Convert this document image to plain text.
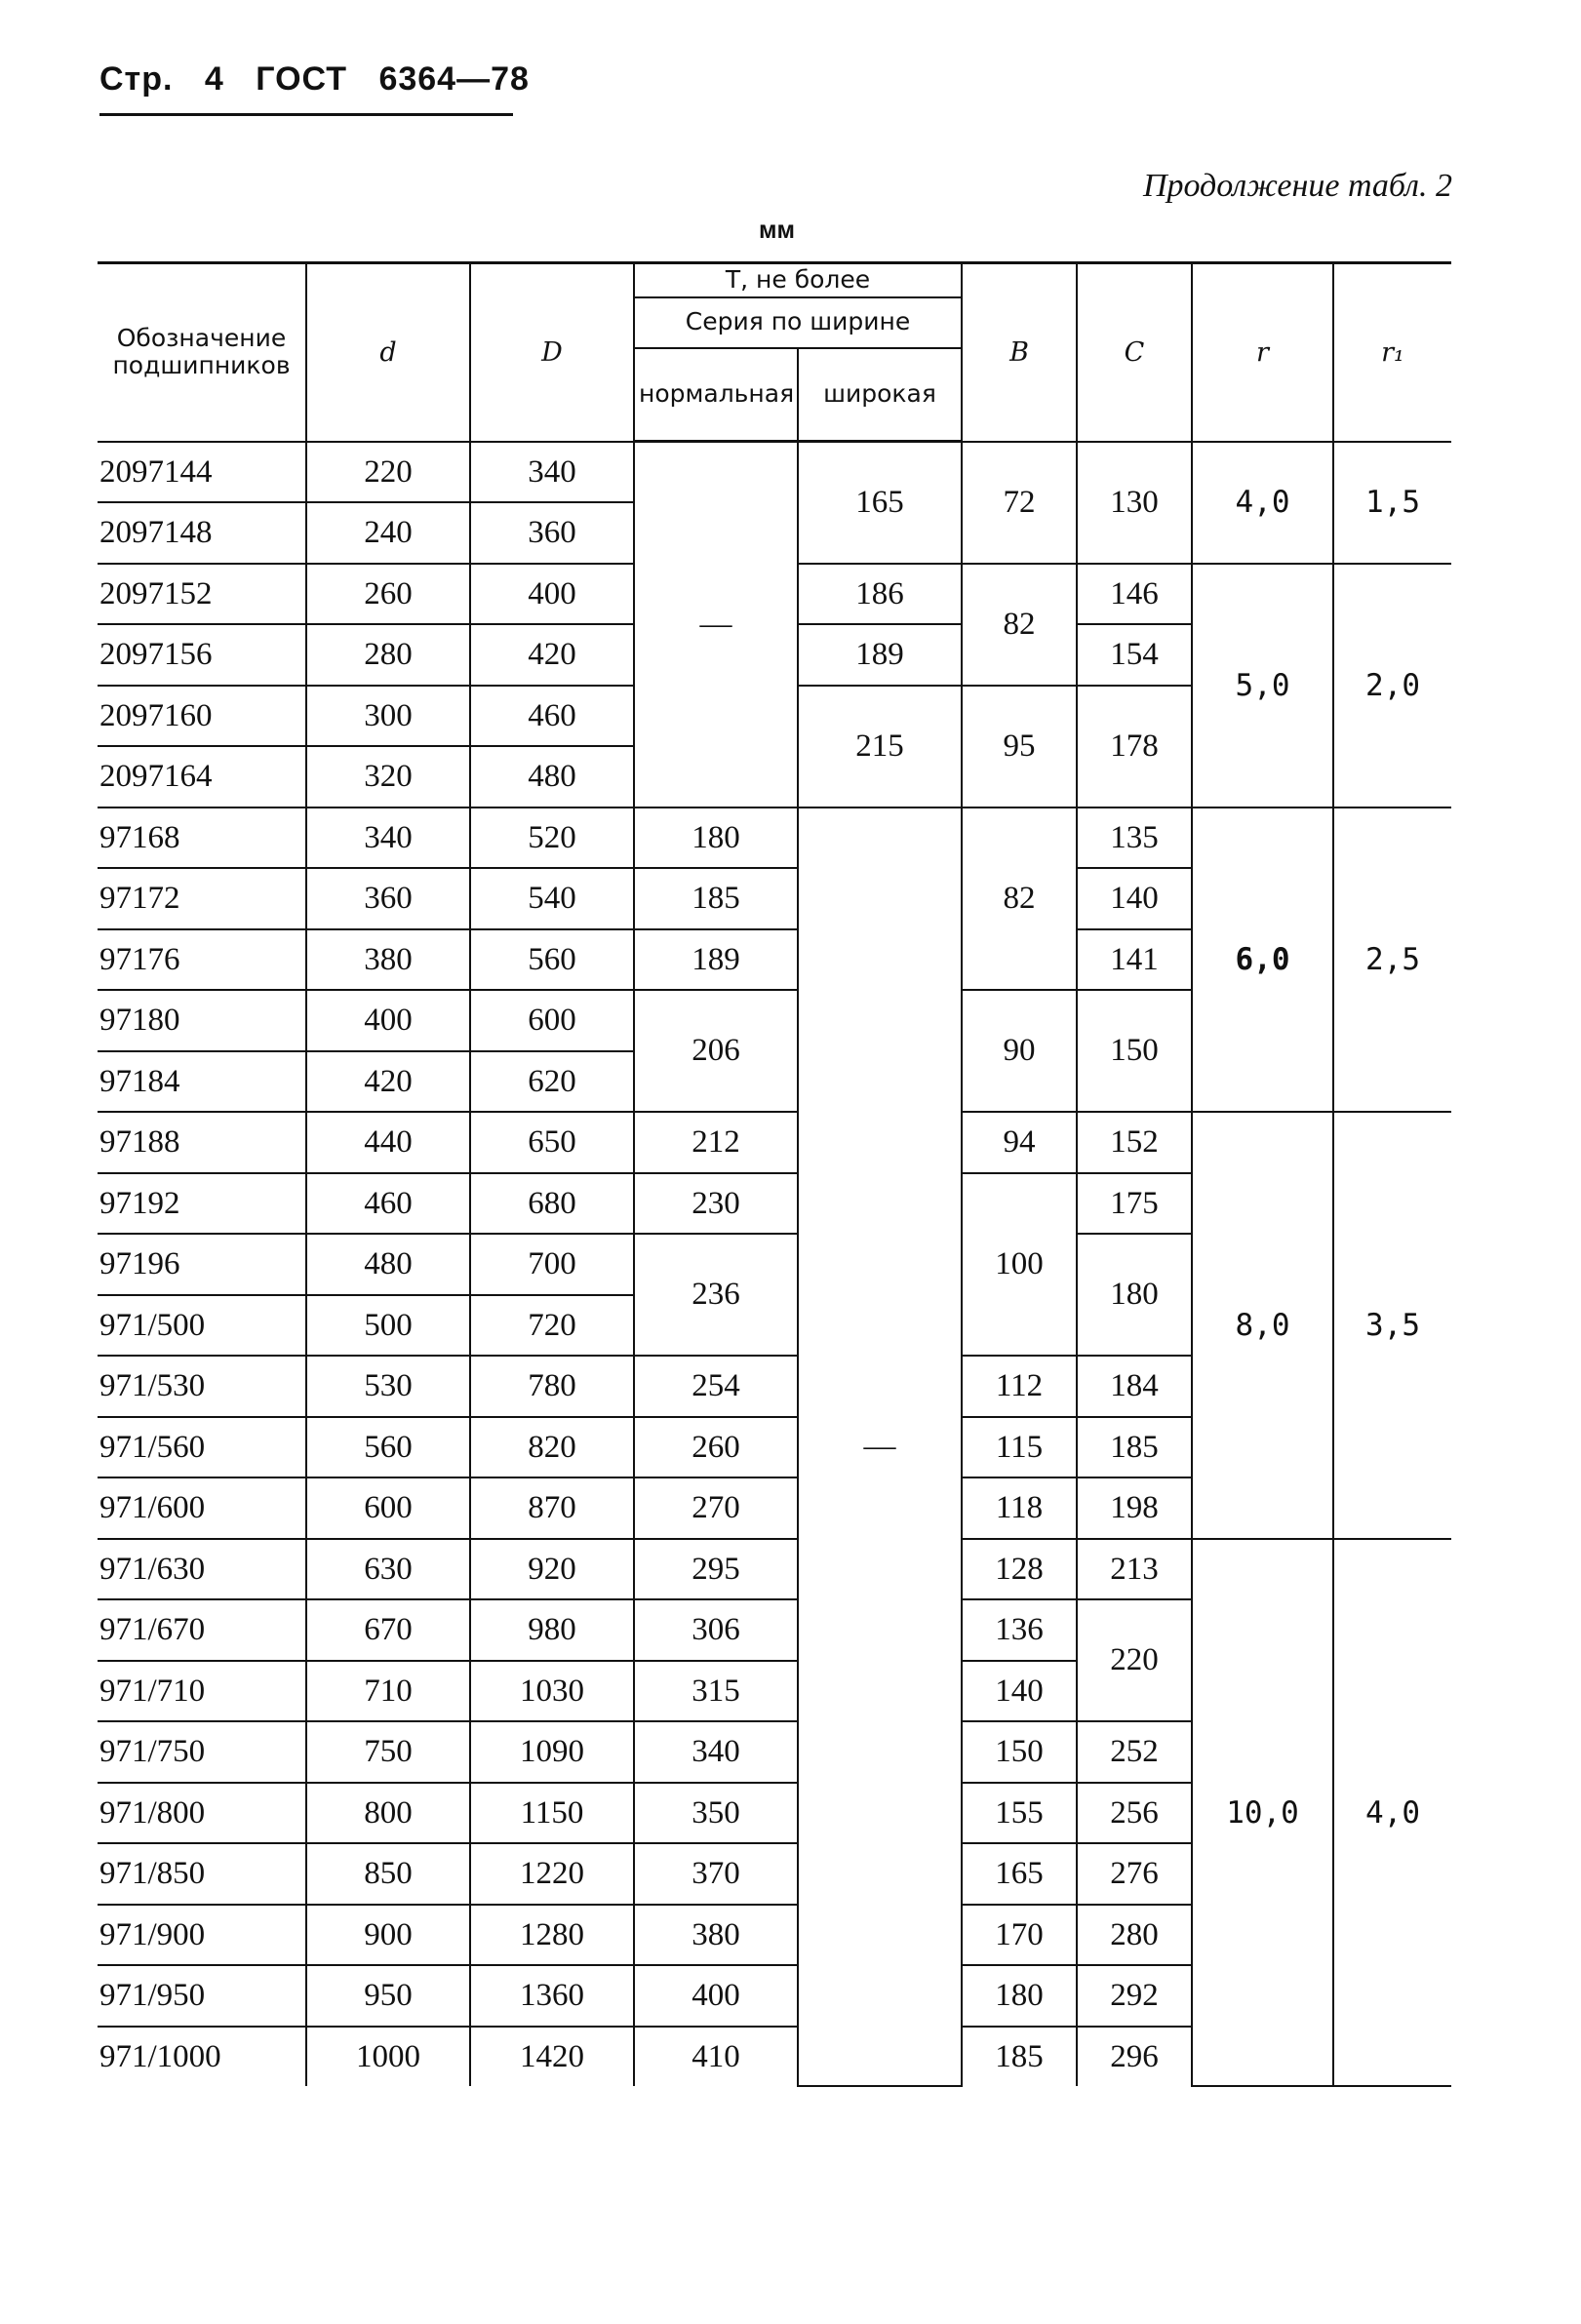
Стр. 4 ГОСТ 6364—78
Продолжение табл. 2
мм
Обозначение подшипников	d	D	T, не более		B	C	r	r₁
			Серия по ширине					
			нормальная	широкая				
2097144	220	340	—	165	72	130	4,0	1,5
2097148	240	360						
2097152	260	400		186	82	146	5,0	2,0
2097156	280	420		189		154		
2097160	300	460		215	95	178		
2097164	320	480						
97168	340	520	180	—	82	135	6,0	2,5
97172	360	540	185			140		
97176	380	560	189			141		
97180	400	600	206		90	150		
97184	420	620						
97188	440	650	212		94	152	8,0	3,5
97192	460	680	230		100	175		
97196	480	700	236			180		
971/500	500	720						
971/530	530	780	254		112	184		
971/560	560	820	260		115	185		
971/600	600	870	270		118	198		
971/630	630	920	295		128	213	10,0	4,0
971/670	670	980	306		136	220		
971/710	710	1030	315		140			
971/750	750	1090	340		150	252		
971/800	800	1150	350		155	256		
971/850	850	1220	370		165	276		
971/900	900	1280	380		170	280		
971/950	950	1360	400		180	292		
971/1000	1000	1420	410		185	296		
